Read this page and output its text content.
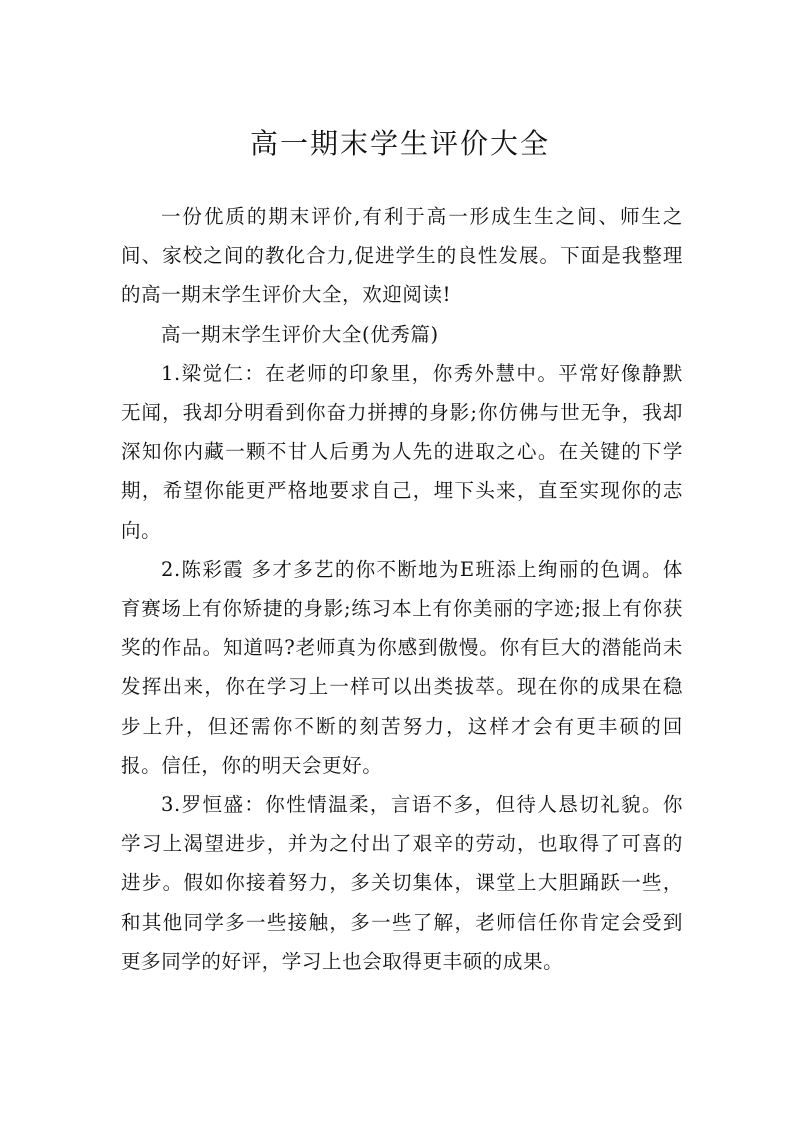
高一期末学生评价大全

一份优质的期末评价,有利于高一形成生生之间、师生之间、家校之间的教化合力,促进学生的良性发展。下面是我整理的高一期末学生评价大全，欢迎阅读!

高一期末学生评价大全(优秀篇)

1.梁觉仁：在老师的印象里，你秀外慧中。平常好像静默无闻，我却分明看到你奋力拼搏的身影;你仿佛与世无争，我却深知你内藏一颗不甘人后勇为人先的进取之心。在关键的下学期，希望你能更严格地要求自己，埋下头来，直至实现你的志向。

2.陈彩霞 多才多艺的你不断地为E班添上绚丽的色调。体育赛场上有你矫捷的身影;练习本上有你美丽的字迹;报上有你获奖的作品。知道吗?老师真为你感到傲慢。你有巨大的潜能尚未发挥出来，你在学习上一样可以出类拔萃。现在你的成果在稳步上升，但还需你不断的刻苦努力，这样才会有更丰硕的回报。信任，你的明天会更好。

3.罗恒盛：你性情温柔，言语不多，但待人恳切礼貌。你学习上渴望进步，并为之付出了艰辛的劳动，也取得了可喜的进步。假如你接着努力，多关切集体，课堂上大胆踊跃一些，和其他同学多一些接触，多一些了解，老师信任你肯定会受到更多同学的好评，学习上也会取得更丰硕的成果。
